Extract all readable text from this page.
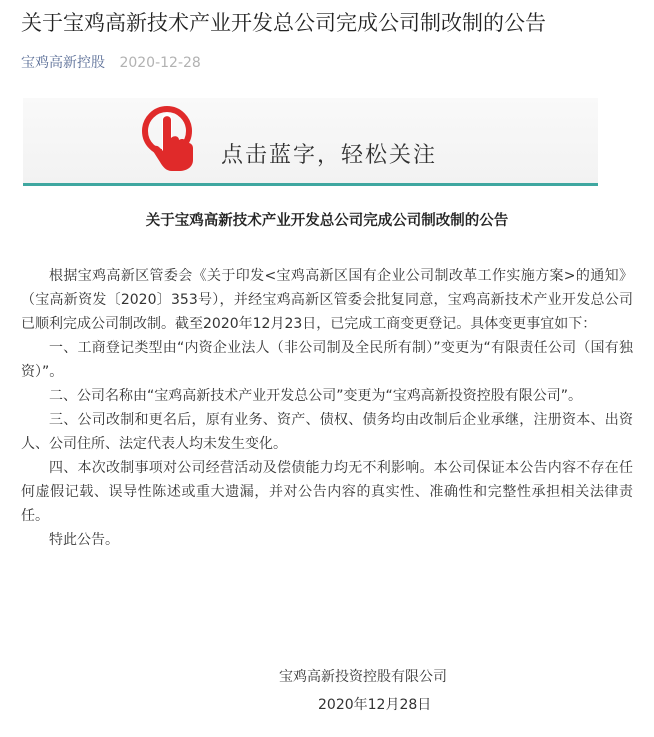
关于宝鸡高新技术产业开发总公司完成公司制改制的公告
宝鸡高新控股 2020-12-28
点击蓝字，轻松关注
关于宝鸡高新技术产业开发总公司完成公司制改制的公告

根据宝鸡高新区管委会《关于印发<宝鸡高新区国有企业公司制改革工作实施方案>的通知》（宝高新资发〔2020〕353号），并经宝鸡高新区管委会批复同意，宝鸡高新技术产业开发总公司已顺利完成公司制改制。截至2020年12月23日，已完成工商变更登记。具体变更事宜如下：

一、工商登记类型由“内资企业法人（非公司制及全民所有制）”变更为“有限责任公司（国有独资）”。

二、公司名称由“宝鸡高新技术产业开发总公司”变更为“宝鸡高新投资控股有限公司”。

三、公司改制和更名后，原有业务、资产、债权、债务均由改制后企业承继，注册资本、出资人、公司住所、法定代表人均未发生变化。

四、本次改制事项对公司经营活动及偿债能力均无不利影响。本公司保证本公告内容不存在任何虚假记载、误导性陈述或重大遗漏，并对公告内容的真实性、准确性和完整性承担相关法律责任。

特此公告。

宝鸡高新投资控股有限公司
2020年12月28日
